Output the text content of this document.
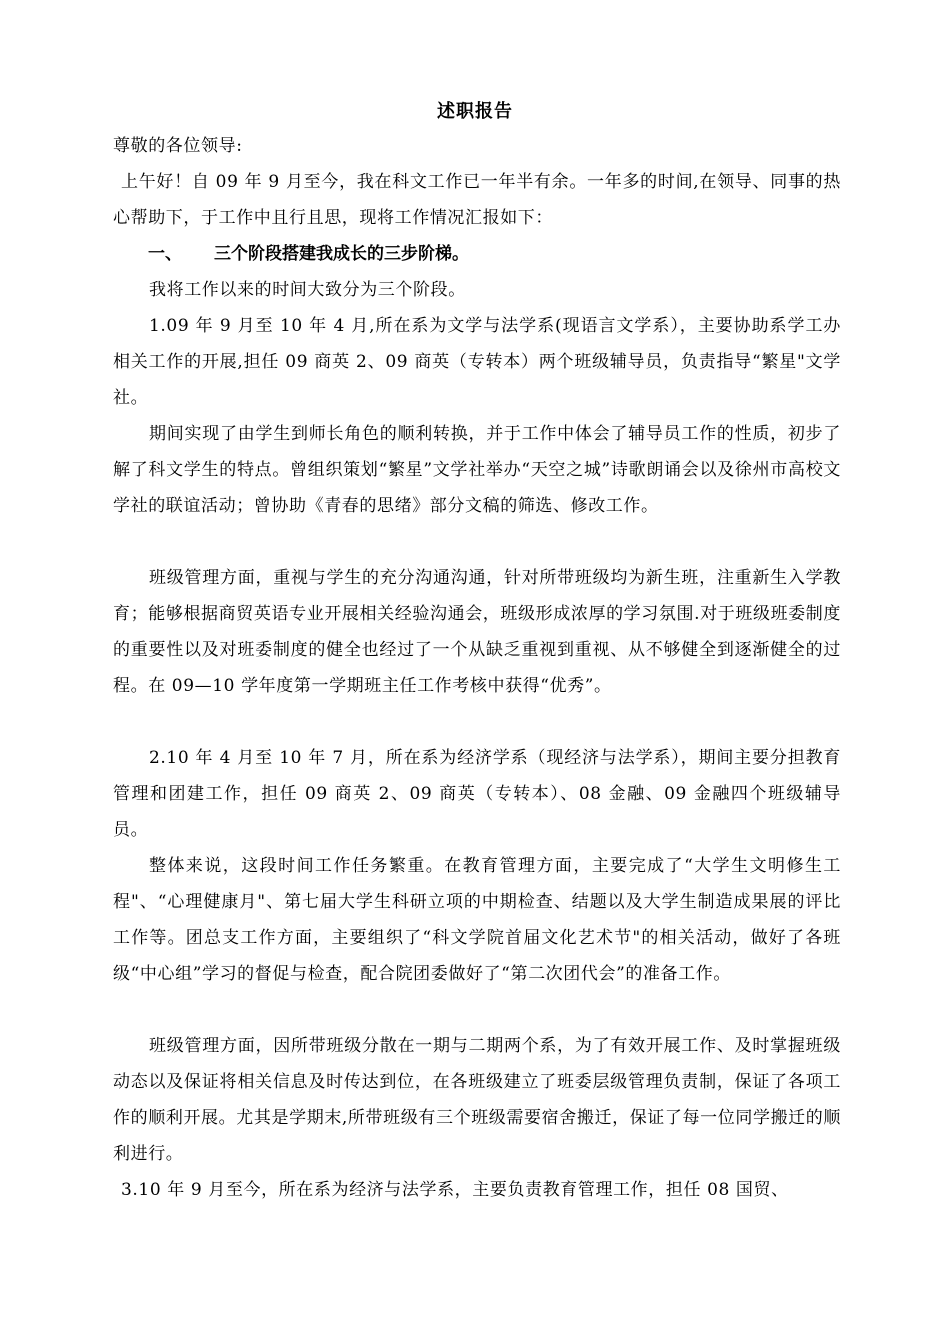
述职报告
尊敬的各位领导:
上午好！自 09 年 9 月至今，我在科文工作已一年半有余。一年多的时间,在领导、同事的热心帮助下，于工作中且行且思，现将工作情况汇报如下：
一、 三个阶段搭建我成长的三步阶梯。
我将工作以来的时间大致分为三个阶段。
1.09 年 9 月至 10 年 4 月,所在系为文学与法学系(现语言文学系），主要协助系学工办相关工作的开展,担任 09 商英 2、09 商英（专转本）两个班级辅导员，负责指导“繁星"文学社。
期间实现了由学生到师长角色的顺利转换，并于工作中体会了辅导员工作的性质，初步了解了科文学生的特点。曾组织策划“繁星”文学社举办“天空之城”诗歌朗诵会以及徐州市高校文学社的联谊活动；曾协助《青春的思绪》部分文稿的筛选、修改工作。
班级管理方面，重视与学生的充分沟通沟通，针对所带班级均为新生班，注重新生入学教育；能够根据商贸英语专业开展相关经验沟通会，班级形成浓厚的学习氛围.对于班级班委制度的重要性以及对班委制度的健全也经过了一个从缺乏重视到重视、从不够健全到逐渐健全的过程。在 09—10 学年度第一学期班主任工作考核中获得“优秀”。
2.10 年 4 月至 10 年 7 月，所在系为经济学系（现经济与法学系），期间主要分担教育管理和团建工作，担任 09 商英 2、09 商英（专转本）、08 金融、09 金融四个班级辅导员。
整体来说，这段时间工作任务繁重。在教育管理方面，主要完成了“大学生文明修生工程"、“心理健康月"、第七届大学生科研立项的中期检查、结题以及大学生制造成果展的评比工作等。团总支工作方面，主要组织了“科文学院首届文化艺术节"的相关活动，做好了各班级“中心组”学习的督促与检查，配合院团委做好了“第二次团代会”的准备工作。
班级管理方面，因所带班级分散在一期与二期两个系，为了有效开展工作、及时掌握班级动态以及保证将相关信息及时传达到位，在各班级建立了班委层级管理负责制，保证了各项工作的顺利开展。尤其是学期末,所带班级有三个班级需要宿舍搬迁，保证了每一位同学搬迁的顺利进行。
3.10 年 9 月至今，所在系为经济与法学系，主要负责教育管理工作，担任 08 国贸、
